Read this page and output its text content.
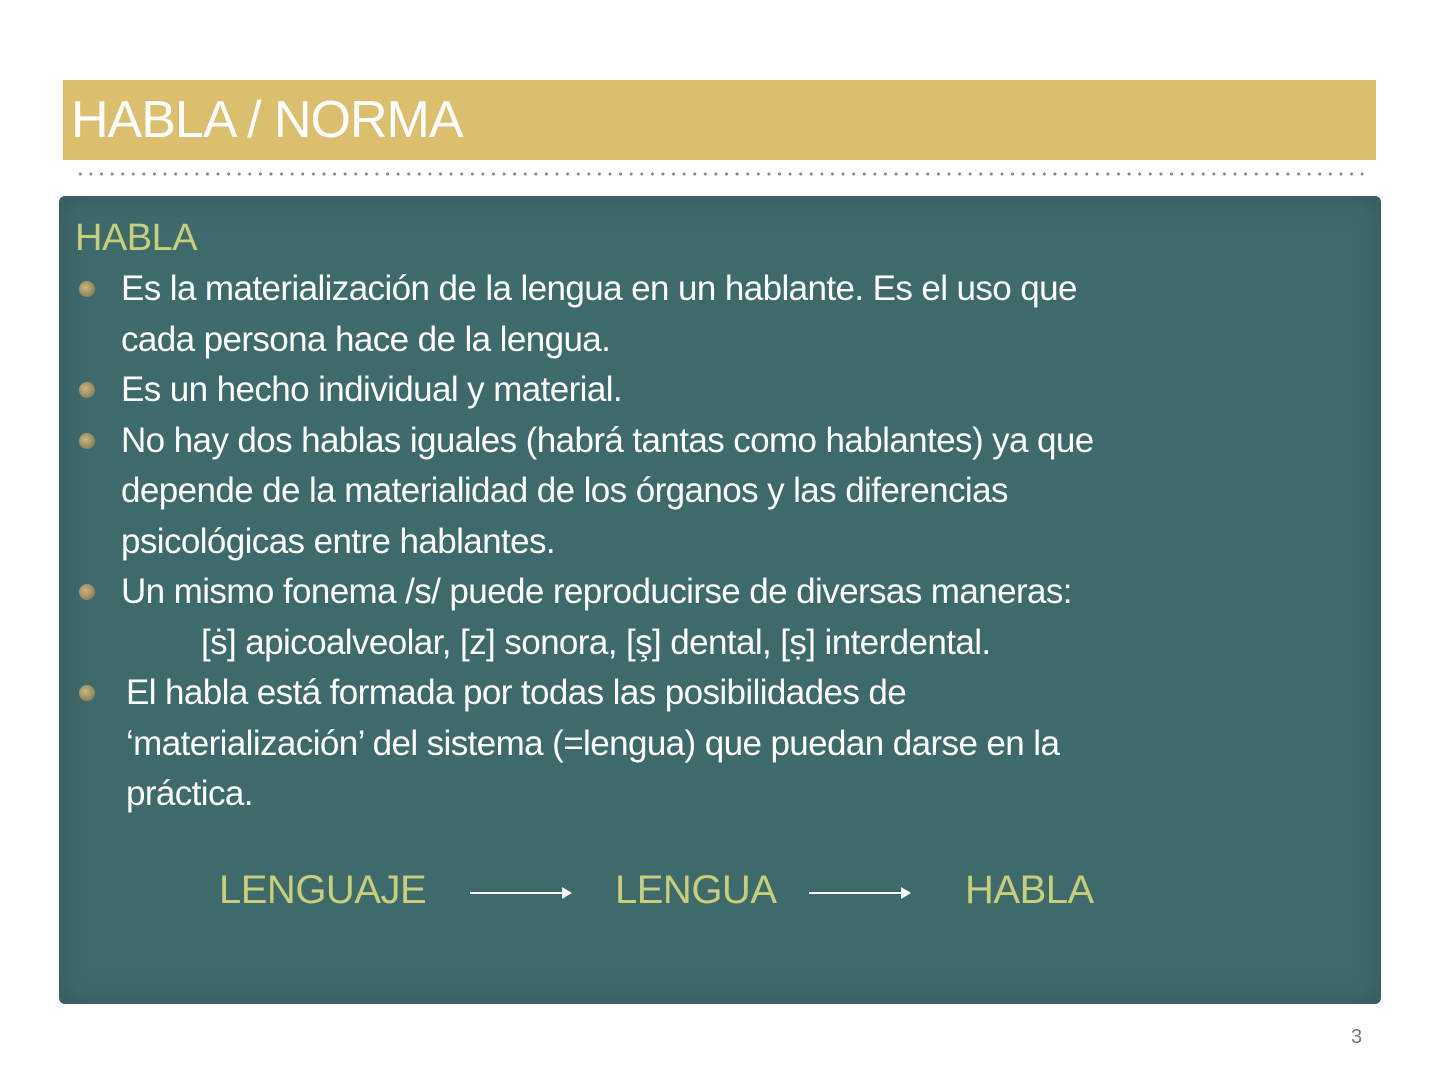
HABLA / NORMA
HABLA
Es la materialización de la lengua en un hablante. Es el uso que
cada persona hace de la lengua.
Es un hecho individual y material.
No hay dos hablas iguales (habrá tantas como hablantes) ya que
depende de la materialidad de los órganos y las diferencias
psicológicas entre hablantes.
Un mismo fonema /s/ puede reproducirse de diversas maneras:
[ṡ] apicoalveolar, [z] sonora, [ş] dental, [ṣ] interdental.
El habla está formada por todas las posibilidades de
‘materialización’ del sistema (=lengua) que puedan darse en la
práctica.
LENGUAJE	LENGUA	HABLA
3
